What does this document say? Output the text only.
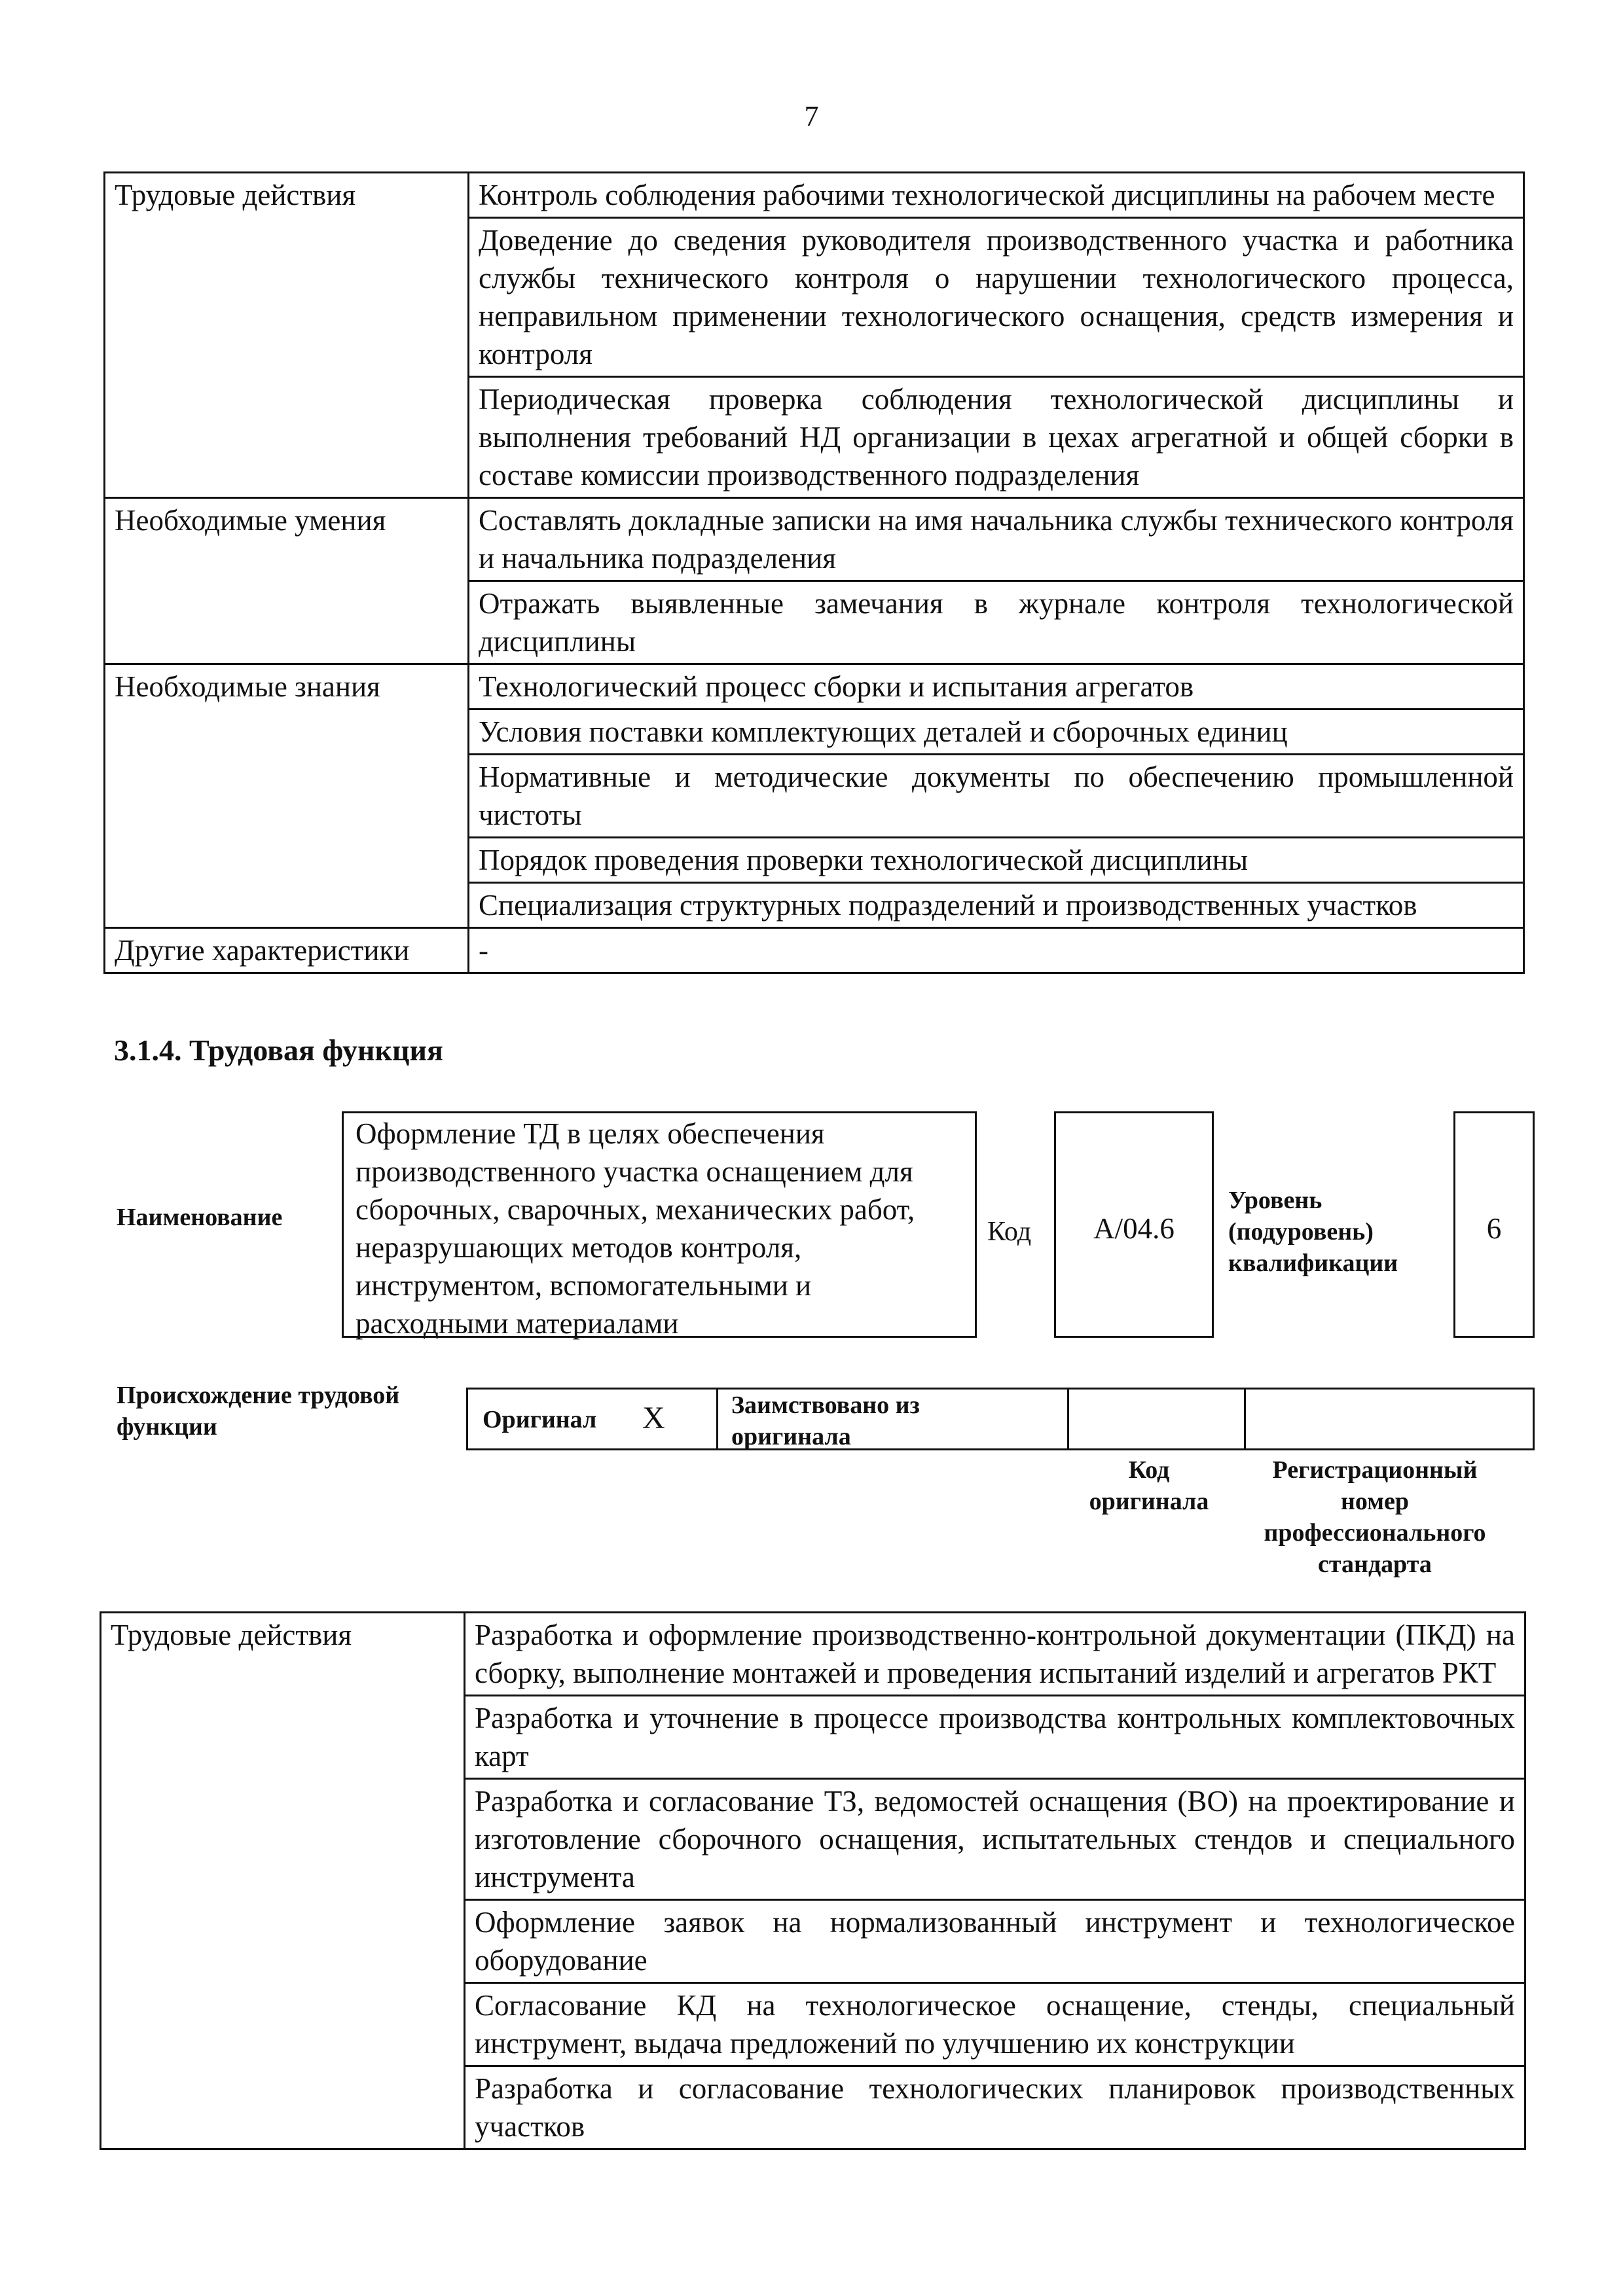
7
Трудовые действия	Контроль соблюдения рабочими технологической дисциплины на рабочем месте
	Доведение до сведения руководителя производственного участка и работника службы технического контроля о нарушении технологического процесса, неправильном применении технологического оснащения, средств измерения и контроля
	Периодическая проверка соблюдения технологической дисциплины и выполнения требований НД организации в цехах агрегатной и общей сборки в составе комиссии производственного подразделения
Необходимые умения	Составлять докладные записки на имя начальника службы технического контроля и начальника подразделения
	Отражать выявленные замечания в журнале контроля технологической дисциплины
Необходимые знания	Технологический процесс сборки и испытания агрегатов
	Условия поставки комплектующих деталей и сборочных единиц
	Нормативные и методические документы по обеспечению промышленной чистоты
	Порядок проведения проверки технологической дисциплины
	Специализация структурных подразделений и производственных участков
Другие характеристики	-
3.1.4. Трудовая функция
Наименование
Оформление ТД в целях обеспечения производственного участка оснащением для сборочных, сварочных, механических работ, неразрушающих методов контроля, инструментом, вспомогательными и расходными материалами
Код	А/04.6
Уровень (подуровень) квалификации
6
Происхождение трудовой функции	Оригинал X	Заимствовано из оригинала
Код оригинала
Регистрационный номер профессионального стандарта
Трудовые действия	Разработка и оформление производственно-контрольной документации (ПКД) на сборку, выполнение монтажей и проведения испытаний изделий и агрегатов РКТ
Разработка и уточнение в процессе производства контрольных комплектовочных карт
Разработка и согласование ТЗ, ведомостей оснащения (ВО) на проектирование и изготовление сборочного оснащения, испытательных стендов и специального инструмента
Оформление заявок на нормализованный инструмент и технологическое оборудование
Согласование КД на технологическое оснащение, стенды, специальный инструмент, выдача предложений по улучшению их конструкции
Разработка и согласование технологических планировок производственных участков
